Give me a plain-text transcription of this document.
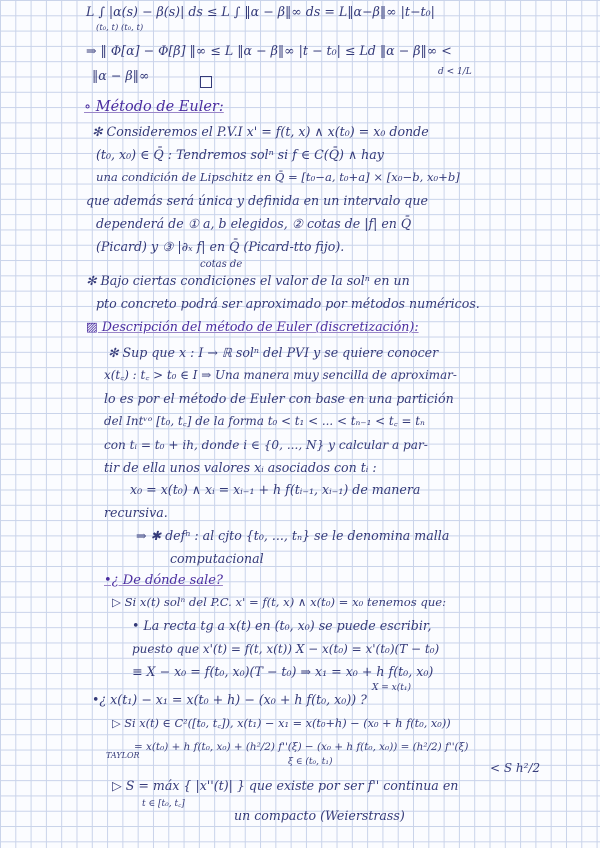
L ∫ |α(s) − β(s)| ds ≤ L ∫ ‖α − β‖∞ ds = L‖α−β‖∞ |t−t₀|
(t₀, t) (t₀, t)
⇒ ‖ Φ[α] − Φ[β] ‖∞ ≤ L ‖α − β‖∞ |t − t₀| ≤ Ld ‖α − β‖∞ <
‖α − β‖∞	d < 1/L
∘ Método de Euler:
✻ Consideremos el P.V.I x' = f(t, x) ∧ x(t₀) = x₀ donde
(t₀, x₀) ∈ Q̄ : Tendremos solⁿ si f ∈ C(Q̄) ∧ hay
una condición de Lipschitz en Q̄ = [t₀−a, t₀+a] × [x₀−b, x₀+b]
que además será única y definida en un intervalo que
dependerá de ① a, b elegidos, ② cotas de |f| en Q̄
(Picard) y ③ |∂ₓ f| en Q̄ (Picard-tto fijo).
cotas de
✻ Bajo ciertas condiciones el valor de la solⁿ en un
pto concreto podrá ser aproximado por métodos numéricos.
▨ Descripción del método de Euler (discretización):
✻ Sup que x : I → ℝ solⁿ del PVI y se quiere conocer
x(t꜀) : t꜀ > t₀ ∈ I ⇒ Una manera muy sencilla de aproximar-
lo es por el método de Euler con base en una partición
del Intᵛᵒ [t₀, t꜀] de la forma t₀ < t₁ < ... < tₙ₋₁ < t꜀ = tₙ
con tᵢ = t₀ + ih, donde i ∈ {0, ..., N} y calcular a par-
tir de ella unos valores xᵢ asociados con tᵢ :
x₀ = x(t₀) ∧ xᵢ = xᵢ₋₁ + h f(tᵢ₋₁, xᵢ₋₁) de manera
recursiva.
⇒ ✱ defⁿ : al cjto {t₀, ..., tₙ} se le denomina malla
computacional
•¿ De dónde sale?
▷ Si x(t) solⁿ del P.C. x' = f(t, x) ∧ x(t₀) = x₀ tenemos que:
• La recta tg a x(t) en (t₀, x₀) se puede escribir,
puesto que x'(t) = f(t, x(t)) X − x(t₀) = x'(t₀)(T − t₀)
≡ X − x₀ = f(t₀, x₀)(T − t₀) ⇒ x₁ = x₀ + h f(t₀, x₀)
X = x(t₁)
•¿ x(t₁) − x₁ = x(t₀ + h) − (x₀ + h f(t₀, x₀)) ?
▷ Si x(t) ∈ C²([t₀, t꜀]), x(t₁) − x₁ = x(t₀+h) − (x₀ + h f(t₀, x₀))
= x(t₀) + h f(t₀, x₀) + (h²/2) f''(ξ) − (x₀ + h f(t₀, x₀)) = (h²/2) f''(ξ)
TAYLOR
ξ ∈ (t₀, t₁)	< S h²/2
▷ S = máx { |x''(t)| } que existe por ser f'' continua en
t ∈ [t₀, t꜀]
un compacto (Weierstrass)
